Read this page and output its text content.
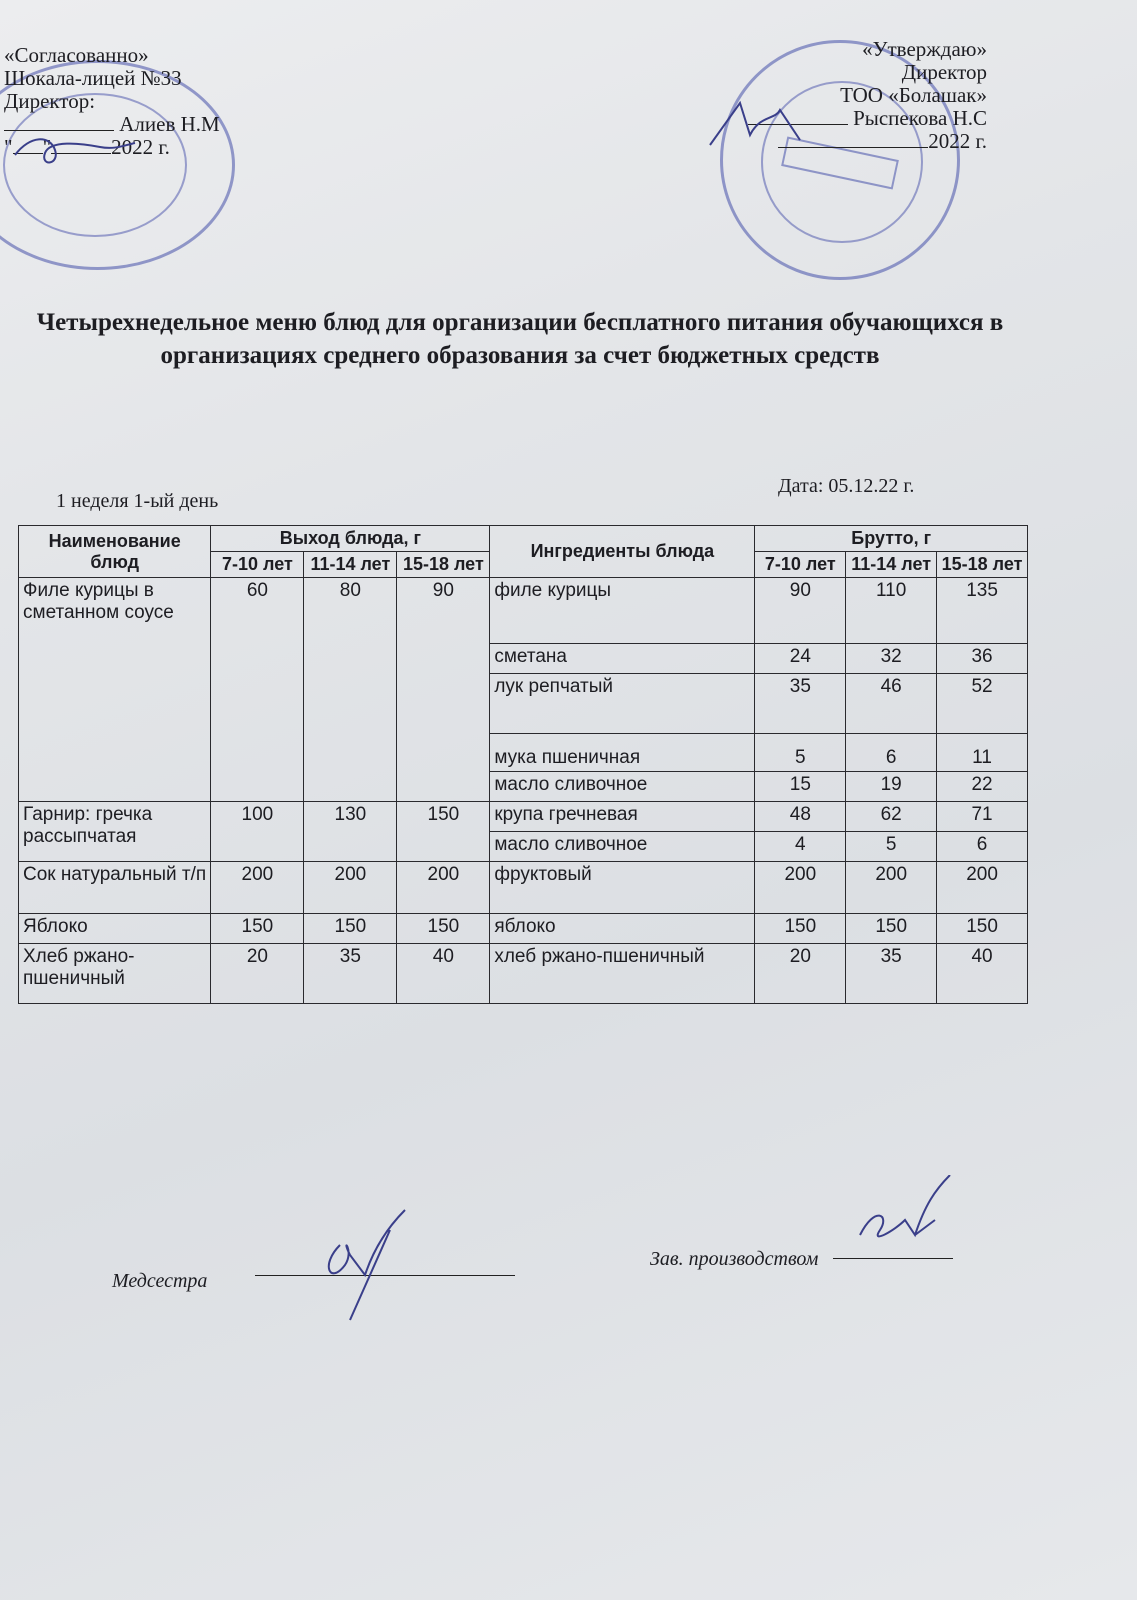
«Согласованно»
Шокала-лицей №33
Директор:
Алиев Н.М
" "	2022 г.
«Утверждаю»
Директор
ТОО «Болашак»
Рыспекова Н.С
2022 г.
Четырехнедельное меню блюд для организации бесплатного питания обучающихся в организациях среднего образования за счет бюджетных средств
1 неделя 1-ый день
Дата: 05.12.22 г.
Наименование блюд	Выход блюда, г			Ингредиенты блюда	Брутто, г		
	7-10 лет	11-14 лет	15-18 лет		7-10 лет	11-14 лет	15-18 лет
Филе курицы в сметанном соусе	60	80	90	филе курицы	90	110	135
				сметана	24	32	36
				лук репчатый	35	46	52
				мука пшеничная	5	6	11
				масло сливочное	15	19	22
Гарнир: гречка рассыпчатая	100	130	150	крупа гречневая	48	62	71
				масло сливочное	4	5	6
Сок натуральный т/п	200	200	200	фруктовый	200	200	200
Яблоко	150	150	150	яблоко	150	150	150
Хлеб ржано-пшеничный	20	35	40	хлеб ржано-пшеничный	20	35	40
Медсестра
Зав. производством
